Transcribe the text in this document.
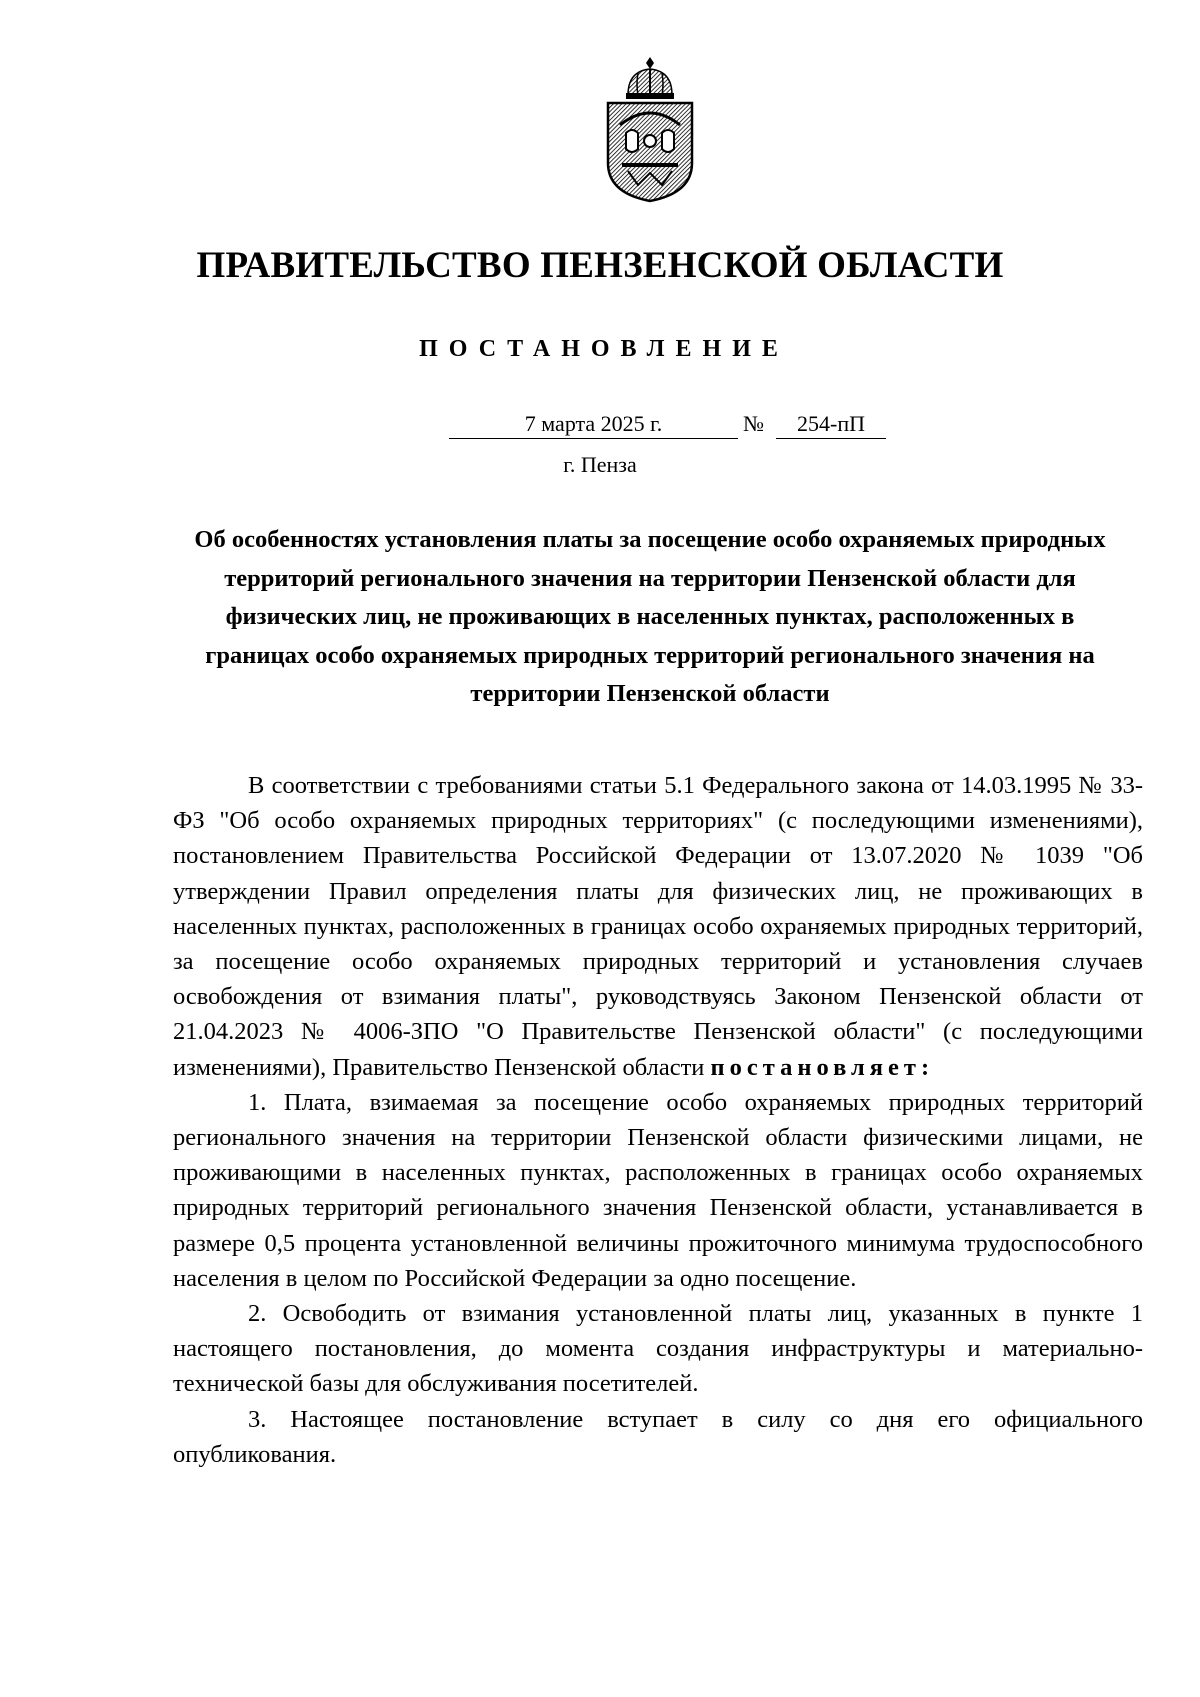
ПРАВИТЕЛЬСТВО ПЕНЗЕНСКОЙ ОБЛАСТИ
ПОСТАНОВЛЕНИЕ
7 марта 2025 г.	№	254-пП
г. Пенза
Об особенностях установления платы за посещение особо охраняемых природных территорий регионального значения на территории Пензенской области для физических лиц, не проживающих в населенных пунктах, расположенных в границах особо охраняемых природных территорий регионального значения на территории Пензенской области

В соответствии с требованиями статьи 5.1 Федерального закона от 14.03.1995 № 33-ФЗ "Об особо охраняемых природных территориях" (с последующими изменениями), постановлением Правительства Российской Федерации от 13.07.2020 № 1039 "Об утверждении Правил определения платы для физических лиц, не проживающих в населенных пунктах, расположенных в границах особо охраняемых природных территорий, за посещение особо охраняемых природных территорий и установления случаев освобождения от взимания платы", руководствуясь Законом Пензенской области от 21.04.2023 № 4006-ЗПО "О Правительстве Пензенской области" (с последующими изменениями), Правительство Пензенской области постановляет:

1. Плата, взимаемая за посещение особо охраняемых природных территорий регионального значения на территории Пензенской области физическими лицами, не проживающими в населенных пунктах, расположенных в границах особо охраняемых природных территорий регионального значения Пензенской области, устанавливается в размере 0,5 процента установленной величины прожиточного минимума трудоспособного населения в целом по Российской Федерации за одно посещение.

2. Освободить от взимания установленной платы лиц, указанных в пункте 1 настоящего постановления, до момента создания инфраструктуры и материально-технической базы для обслуживания посетителей.

3. Настоящее постановление вступает в силу со дня его официального опубликования.
